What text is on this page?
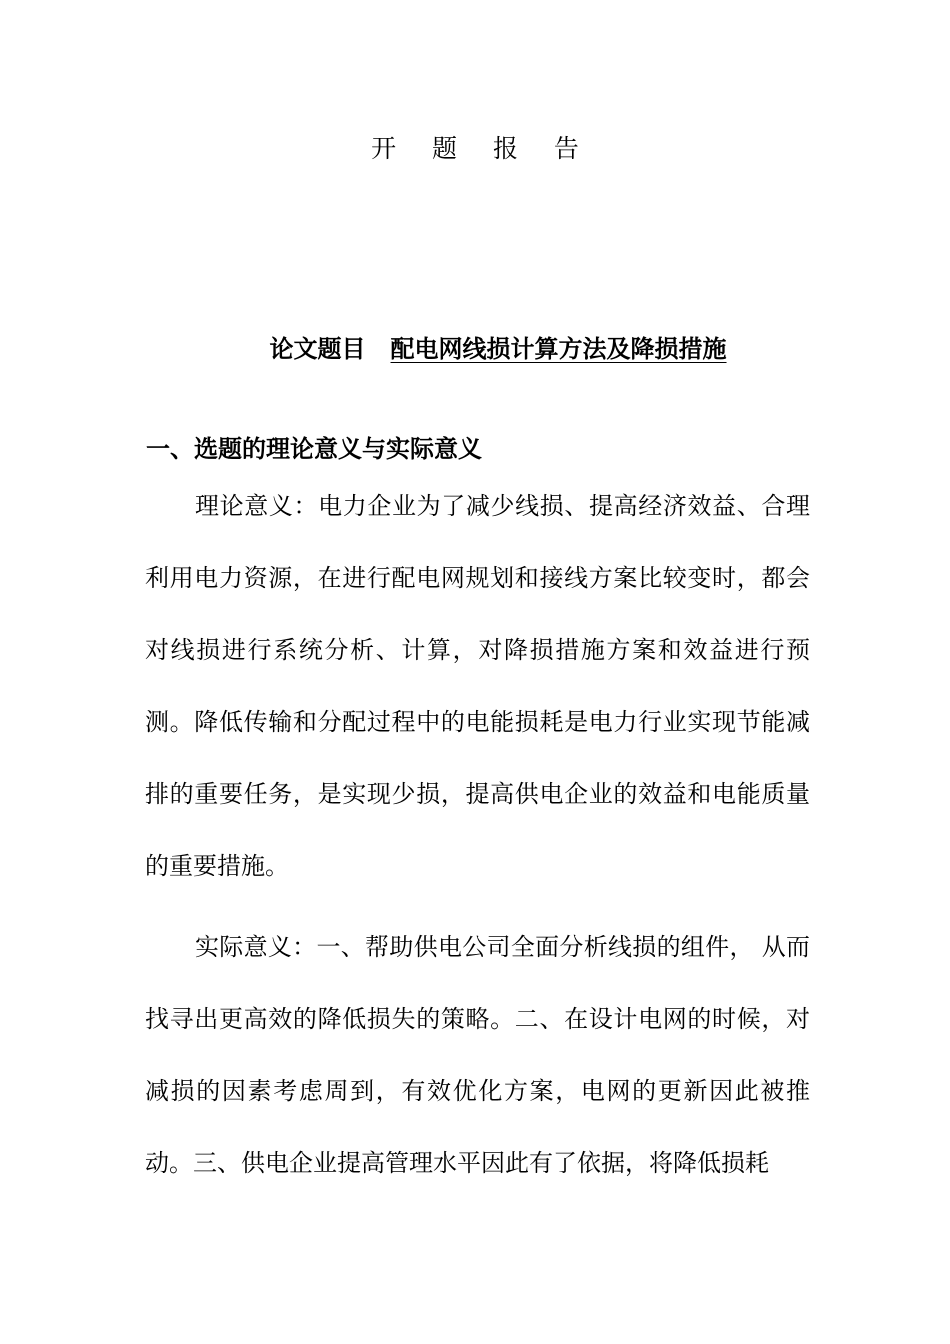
开 题 报 告
论文题目 配电网线损计算方法及降损措施
一、选题的理论意义与实际意义

理论意义：电力企业为了减少线损、提高经济效益、合理利用电力资源，在进行配电网规划和接线方案比较变时，都会对线损进行系统分析、计算，对降损措施方案和效益进行预测。降低传输和分配过程中的电能损耗是电力行业实现节能减排的重要任务，是实现少损，提高供电企业的效益和电能质量的重要措施。

实际意义：一、帮助供电公司全面分析线损的组件， 从而找寻出更高效的降低损失的策略。二、在设计电网的时候，对减损的因素考虑周到，有效优化方案，电网的更新因此被推动。三、供电企业提高管理水平因此有了依据，将降低损耗
